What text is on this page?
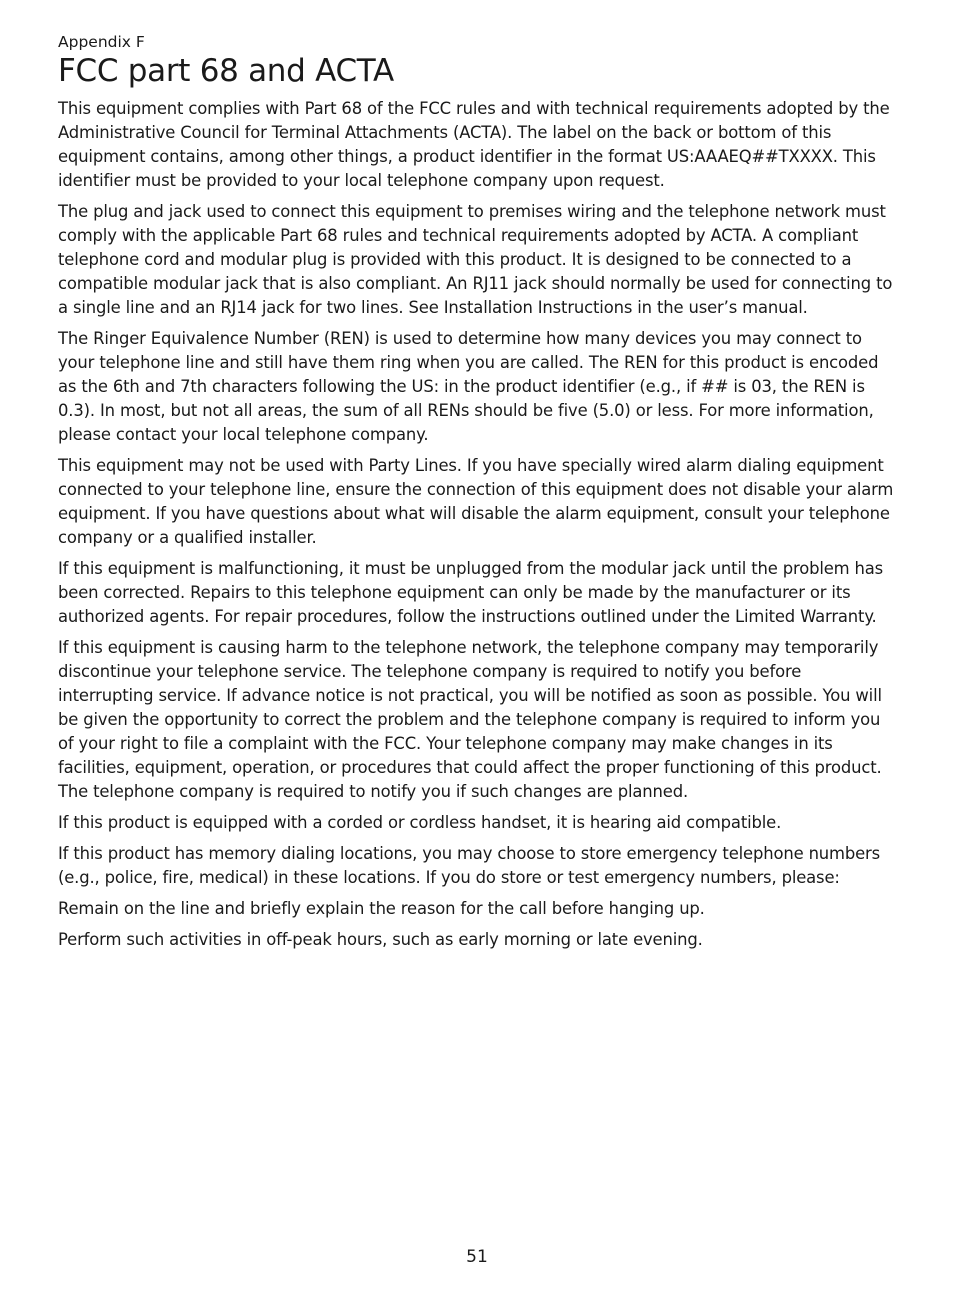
Appendix F

FCC part 68 and ACTA

This equipment complies with Part 68 of the FCC rules and with technical requirements adopted by the Administrative Council for Terminal Attachments (ACTA). The label on the back or bottom of this equipment contains, among other things, a product identifier in the format US:AAAEQ##TXXXX. This identifier must be provided to your local telephone company upon request.

The plug and jack used to connect this equipment to premises wiring and the telephone network must comply with the applicable Part 68 rules and technical requirements adopted by ACTA. A compliant telephone cord and modular plug is provided with this product. It is designed to be connected to a compatible modular jack that is also compliant. An RJ11 jack should normally be used for connecting to a single line and an RJ14 jack for two lines. See Installation Instructions in the user’s manual.

The Ringer Equivalence Number (REN) is used to determine how many devices you may connect to your telephone line and still have them ring when you are called. The REN for this product is encoded as the 6th and 7th characters following the US: in the product identifier (e.g., if ## is 03, the REN is 0.3). In most, but not all areas, the sum of all RENs should be five (5.0) or less. For more information, please contact your local telephone company.

This equipment may not be used with Party Lines. If you have specially wired alarm dialing equipment connected to your telephone line, ensure the connection of this equipment does not disable your alarm equipment. If you have questions about what will disable the alarm equipment, consult your telephone company or a qualified installer.

If this equipment is malfunctioning, it must be unplugged from the modular jack until the problem has been corrected. Repairs to this telephone equipment can only be made by the manufacturer or its authorized agents. For repair procedures, follow the instructions outlined under the Limited Warranty.

If this equipment is causing harm to the telephone network, the telephone company may temporarily discontinue your telephone service. The telephone company is required to notify you before interrupting service. If advance notice is not practical, you will be notified as soon as possible. You will be given the opportunity to correct the problem and the telephone company is required to inform you of your right to file a complaint with the FCC. Your telephone company may make changes in its facilities, equipment, operation, or procedures that could affect the proper functioning of this product. The telephone company is required to notify you if such changes are planned.

If this product is equipped with a corded or cordless handset, it is hearing aid compatible.

If this product has memory dialing locations, you may choose to store emergency telephone numbers (e.g., police, fire, medical) in these locations. If you do store or test emergency numbers, please:

Remain on the line and briefly explain the reason for the call before hanging up.

Perform such activities in off-peak hours, such as early morning or late evening.

51
